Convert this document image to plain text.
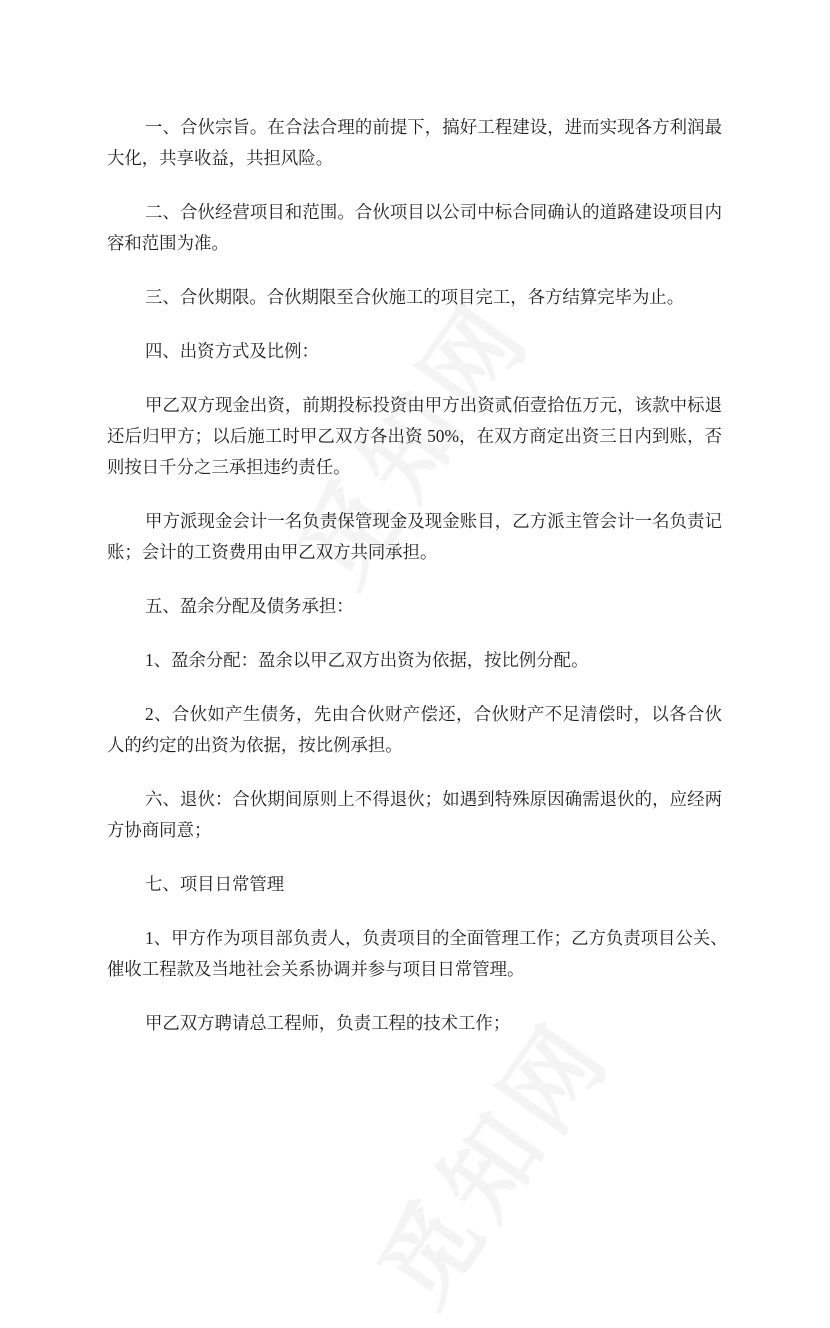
一、合伙宗旨。在合法合理的前提下，搞好工程建设，进而实现各方利润最
大化，共享收益，共担风险。
二、合伙经营项目和范围。合伙项目以公司中标合同确认的道路建设项目内
容和范围为准。
三、合伙期限。合伙期限至合伙施工的项目完工，各方结算完毕为止。
四、出资方式及比例：
甲乙双方现金出资，前期投标投资由甲方出资贰佰壹拾伍万元，该款中标退
还后归甲方；以后施工时甲乙双方各出资 50%，在双方商定出资三日内到账，否
则按日千分之三承担违约责任。
甲方派现金会计一名负责保管现金及现金账目，乙方派主管会计一名负责记
账；会计的工资费用由甲乙双方共同承担。
五、盈余分配及债务承担：
1、盈余分配：盈余以甲乙双方出资为依据，按比例分配。
2、合伙如产生债务，先由合伙财产偿还，合伙财产不足清偿时，以各合伙
人的约定的出资为依据，按比例承担。
六、退伙：合伙期间原则上不得退伙；如遇到特殊原因确需退伙的，应经两
方协商同意；
七、项目日常管理
1、甲方作为项目部负责人，负责项目的全面管理工作；乙方负责项目公关、
催收工程款及当地社会关系协调并参与项目日常管理。
甲乙双方聘请总工程师，负责工程的技术工作；
